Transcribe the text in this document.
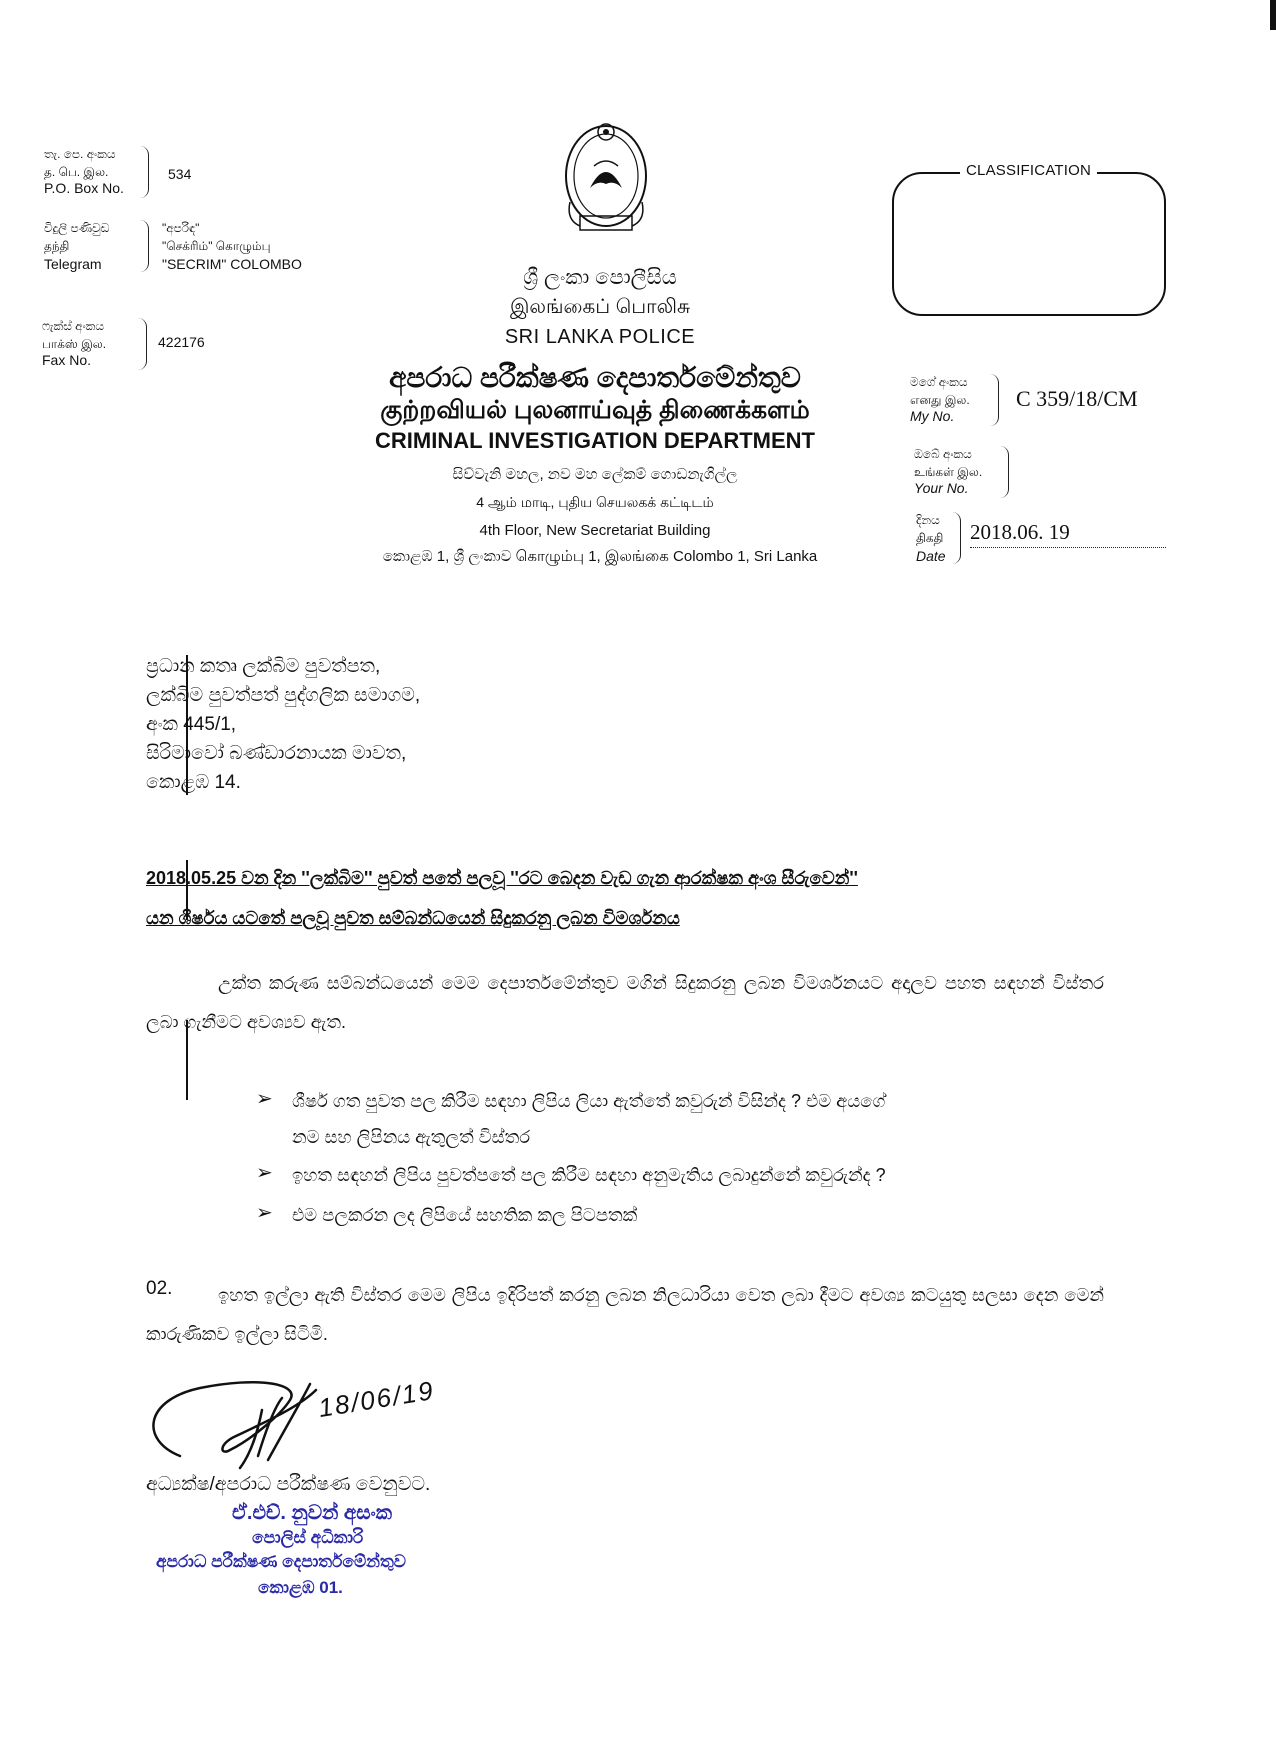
තැ. පෙ. අංකය
த. பெ. இல.
P.O. Box No.
534
විදුලි පණිවුඩ
தந்தி
Telegram
"අපරිඳ"
"செக்ரிம்" கொழும்பு
"SECRIM" COLOMBO
ෆැක්ස් අංකය
பாக்ஸ் இல.
Fax No.
422176
ශ්‍රී ලංකා පොලීසිය
இலங்கைப் பொலிசு
SRI LANKA POLICE
අපරාධ පරීක්ෂණ දෙපාර්තමේන්තුව
குற்றவியல் புலனாய்வுத் திணைக்களம்
CRIMINAL INVESTIGATION DEPARTMENT
සිව්වැනි මහල, නව මහ ලේකම් ගොඩනැගිල්ල
4 ஆம் மாடி, புதிய செயலகக் கட்டிடம்
4th Floor, New Secretariat Building
කොළඹ 1, ශ්‍රී ලංකාව கொழும்பு 1, இலங்கை Colombo 1, Sri Lanka
CLASSIFICATION
මගේ අංකය
எனது இல.
My No.
C 359/18/CM
ඔබේ අංකය
உங்கள் இல.
Your No.
දිනය
திகதி
Date
2018.06. 19
ප්‍රධාන කතෘ ලක්බිම පුවත්පත,
ලක්බිම පුවත්පත් පුද්ගලික සමාගම,
අංක 445/1,
සිරිමාවෝ බණ්ඩාරනායක මාවත,
කොළඹ 14.
2018.05.25 වන දින ''ලක්බිම'' පුවත් පතේ පලවූ ''රට බෙදන වැඩ ගැන ආරක්ෂක අංශ සීරුවෙන්''
යන ශීර්ෂය යටතේ පලවූ පුවත සම්බන්ධයෙන් සිදුකරනු ලබන විමර්ශනය
උක්ත කරුණ සම්බන්ධයෙන් මෙම දෙපාර්තමේන්තුව මගින් සිදුකරනු ලබන විමර්ශනයට අදාලව පහත සඳහන් විස්තර ලබා ගැනීමට අවශ්‍යව ඇත.
➢ ශීර්ෂ ගත පුවත පල කිරීම සඳහා ලිපිය ලියා ඇත්තේ කවුරුන් විසින්ද ? එම අයගේ
නම සහ ලිපිනය ඇතුලත් විස්තර
➢ ඉහත සඳහන් ලිපිය පුවත්පතේ පල කිරීම සඳහා අනුමැතිය ලබාදුන්නේ කවුරුන්ද ?
➢ එම පලකරන ලද ලිපියේ සහතික කල පිටපතක්
02.	ඉහත ඉල්ලා ඇති විස්තර මෙම ලිපිය ඉදිරිපත් කරනු ලබන නිලධාරියා වෙත ලබා දීමට අවශ්‍ය කටයුතු සලසා දෙන මෙන් කාරුණිකව ඉල්ලා සිටිමි.
18/06/19
අධ්‍යක්ෂ/අපරාධ පරීක්ෂණ වෙනුවට.
ඒ.එච්. නුවන් අසංක
පොලිස් අධිකාරි
අපරාධ පරීක්ෂණ දෙපාර්තමේන්තුව
කොළඹ 01.
